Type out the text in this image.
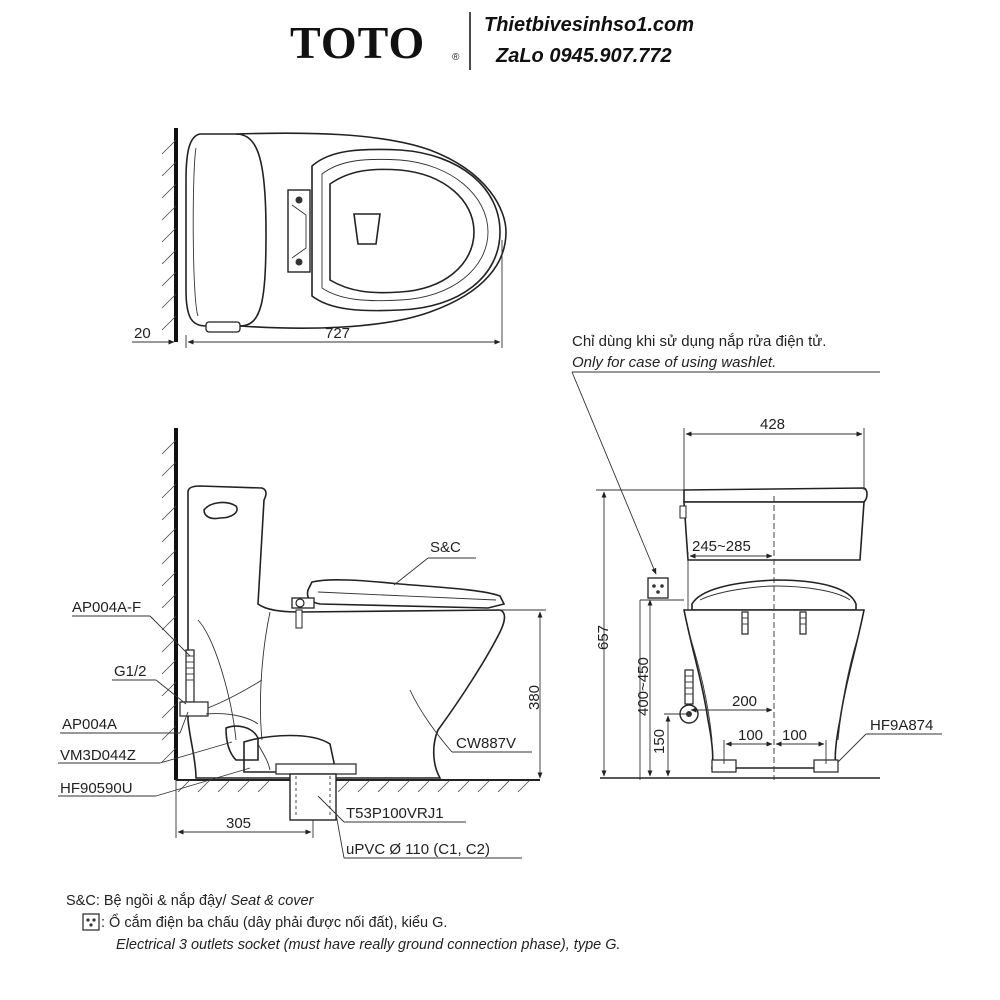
TOTO	®
Thietbivesinhso1.com
ZaLo 0945.907.772
20	727
380
305
S&C
AP004A-F
G1/2
AP004A
VM3D044Z
HF90590U
CW887V
T53P100VRJ1
uPVC Ø 110 (C1, C2)
Chỉ dùng khi sử dụng nắp rửa điện tử.
Only for case of using washlet.
428
245~285
657
400~450
150
200
100 100
HF9A874
S&C: Bệ ngồi & nắp đậy/ Seat & cover
: Ổ cắm điện ba chấu (dây phải được nối đất), kiểu G.
Electrical 3 outlets socket (must have really ground connection phase), type G.
